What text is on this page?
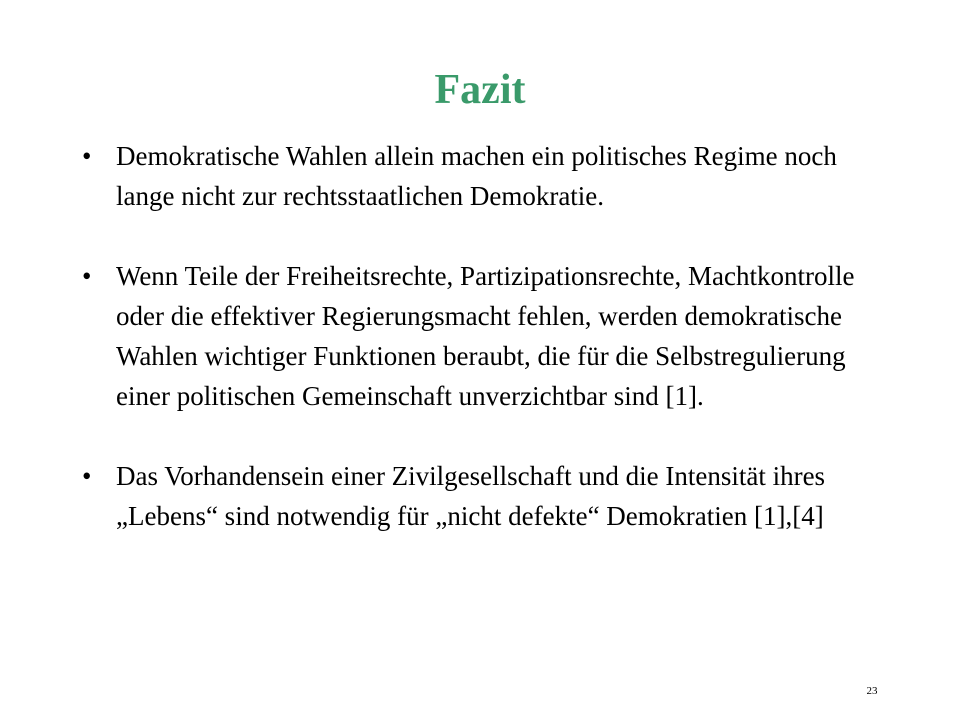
Fazit
• Demokratische Wahlen allein machen ein politisches Regime noch lange nicht zur rechtsstaatlichen Demokratie.
• Wenn Teile der Freiheitsrechte, Partizipationsrechte, Machtkontrolle oder die effektiver Regierungsmacht fehlen, werden demokratische Wahlen wichtiger Funktionen beraubt, die für die Selbstregulierung einer politischen Gemeinschaft unverzichtbar sind [1].
• Das Vorhandensein einer Zivilgesellschaft und die Intensität ihres „Lebens“ sind notwendig für „nicht defekte“ Demokratien [1],[4]
23
